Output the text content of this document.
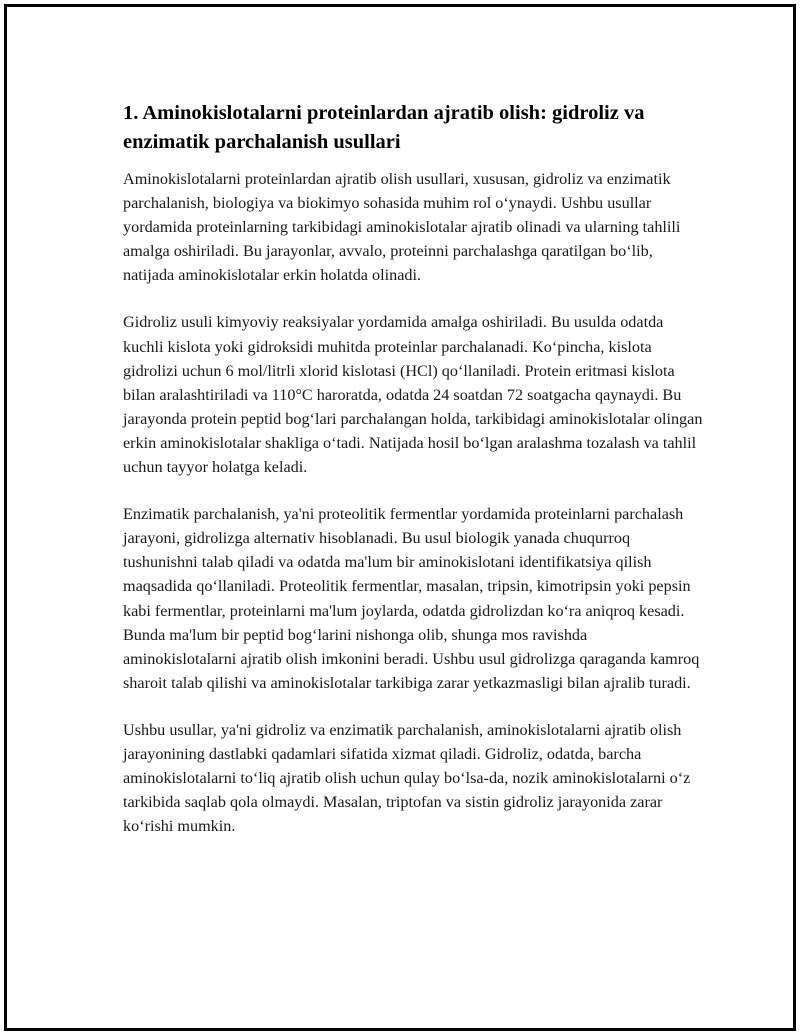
1. Aminokislotalarni proteinlardan ajratib olish: gidroliz va enzimatik parchalanish usullari

Aminokislotalarni proteinlardan ajratib olish usullari, xususan, gidroliz va enzimatik parchalanish, biologiya va biokimyo sohasida muhim rol o‘ynaydi. Ushbu usullar yordamida proteinlarning tarkibidagi aminokislotalar ajratib olinadi va ularning tahlili amalga oshiriladi. Bu jarayonlar, avvalo, proteinni parchalashga qaratilgan bo‘lib, natijada aminokislotalar erkin holatda olinadi.

Gidroliz usuli kimyoviy reaksiyalar yordamida amalga oshiriladi. Bu usulda odatda kuchli kislota yoki gidroksidi muhitda proteinlar parchalanadi. Ko‘pincha, kislota gidrolizi uchun 6 mol/litrli xlorid kislotasi (HCl) qo‘llaniladi. Protein eritmasi kislota bilan aralashtiriladi va 110°C haroratda, odatda 24 soatdan 72 soatgacha qaynaydi. Bu jarayonda protein peptid bog‘lari parchalangan holda, tarkibidagi aminokislotalar olingan erkin aminokislotalar shakliga o‘tadi. Natijada hosil bo‘lgan aralashma tozalash va tahlil uchun tayyor holatga keladi.

Enzimatik parchalanish, ya'ni proteolitik fermentlar yordamida proteinlarni parchalash jarayoni, gidrolizga alternativ hisoblanadi. Bu usul biologik yanada chuqurroq tushunishni talab qiladi va odatda ma'lum bir aminokislotani identifikatsiya qilish maqsadida qo‘llaniladi. Proteolitik fermentlar, masalan, tripsin, kimotripsin yoki pepsin kabi fermentlar, proteinlarni ma'lum joylarda, odatda gidrolizdan ko‘ra aniqroq kesadi. Bunda ma'lum bir peptid bog‘larini nishonga olib, shunga mos ravishda aminokislotalarni ajratib olish imkonini beradi. Ushbu usul gidrolizga qaraganda kamroq sharoit talab qilishi va aminokislotalar tarkibiga zarar yetkazmasligi bilan ajralib turadi.

Ushbu usullar, ya'ni gidroliz va enzimatik parchalanish, aminokislotalarni ajratib olish jarayonining dastlabki qadamlari sifatida xizmat qiladi. Gidroliz, odatda, barcha aminokislotalarni to‘liq ajratib olish uchun qulay bo‘lsa-da, nozik aminokislotalarni o‘z tarkibida saqlab qola olmaydi. Masalan, triptofan va sistin gidroliz jarayonida zarar ko‘rishi mumkin.
